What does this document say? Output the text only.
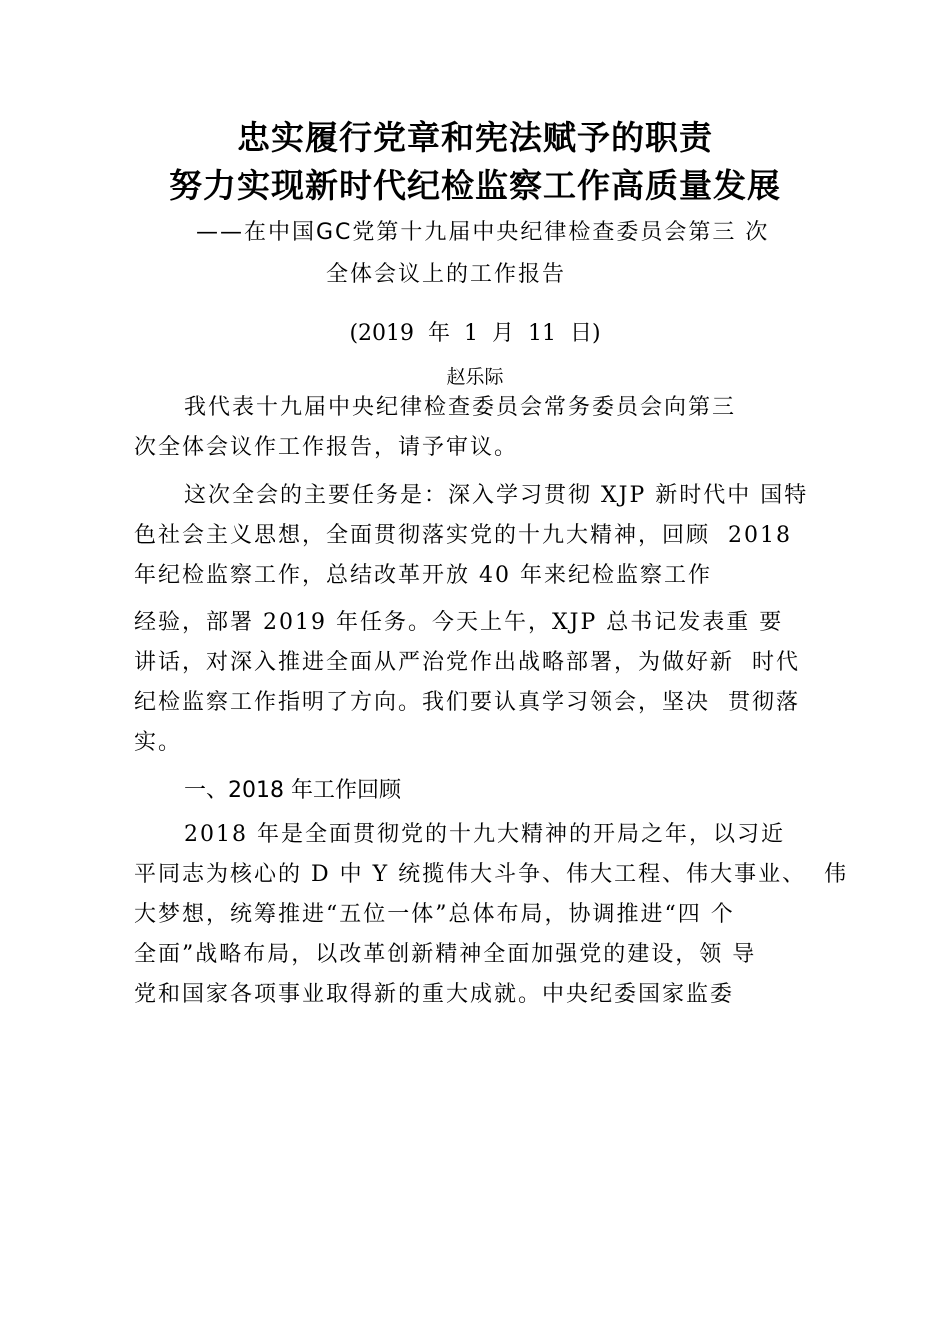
忠实履行党章和宪法赋予的职责
努力实现新时代纪检监察工作高质量发展
——在中国GC党第十九届中央纪律检查委员会第三 次
全体会议上的工作报告
(2019  年  1  月  11  日)
赵乐际
我代表十九届中央纪律检查委员会常务委员会向第三
次全体会议作工作报告，请予审议。
这次全会的主要任务是：深入学习贯彻 XJP 新时代中 国特
色社会主义思想，全面贯彻落实党的十九大精神，回顾  2018
年纪检监察工作，总结改革开放 40 年来纪检监察工作
经验，部署 2019 年任务。今天上午，XJP 总书记发表重 要
讲话，对深入推进全面从严治党作出战略部署，为做好新  时代
纪检监察工作指明了方向。我们要认真学习领会，坚决  贯彻落
实。
一、2018 年工作回顾
2018 年是全面贯彻党的十九大精神的开局之年，以习近
平同志为核心的 D 中 Y 统揽伟大斗争、伟大工程、伟大事业、  伟
大梦想，统筹推进“五位一体”总体布局，协调推进“四 个
全面”战略布局，以改革创新精神全面加强党的建设，领 导
党和国家各项事业取得新的重大成就。中央纪委国家监委
